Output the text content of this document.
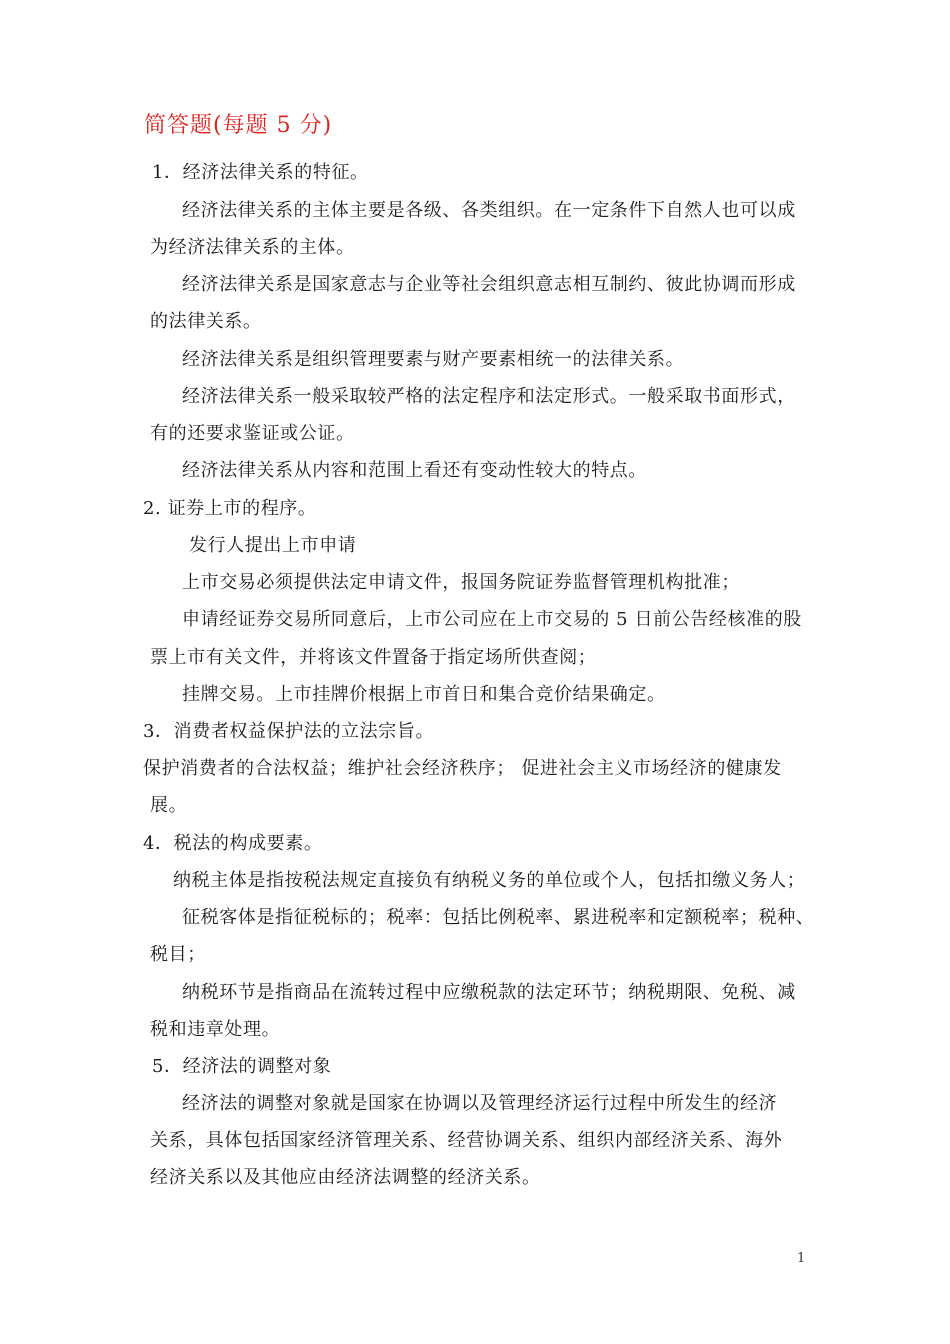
简答题(每题 5 分)
1．经济法律关系的特征。
经济法律关系的主体主要是各级、各类组织。在一定条件下自然人也可以成
为经济法律关系的主体。
经济法律关系是国家意志与企业等社会组织意志相互制约、彼此协调而形成
的法律关系。
经济法律关系是组织管理要素与财产要素相统一的法律关系。
经济法律关系一般采取较严格的法定程序和法定形式。一般采取书面形式，
有的还要求鉴证或公证。
经济法律关系从内容和范围上看还有变动性较大的特点。
2. 证券上市的程序。
发行人提出上市申请
上市交易必须提供法定申请文件，报国务院证券监督管理机构批准；
申请经证券交易所同意后，上市公司应在上市交易的 5 日前公告经核准的股
票上市有关文件，并将该文件置备于指定场所供查阅；
挂牌交易。上市挂牌价根据上市首日和集合竞价结果确定。
3．消费者权益保护法的立法宗旨。
保护消费者的合法权益；维护社会经济秩序； 促进社会主义市场经济的健康发
展。
4．税法的构成要素。
纳税主体是指按税法规定直接负有纳税义务的单位或个人，包括扣缴义务人；
征税客体是指征税标的；税率：包括比例税率、累进税率和定额税率；税种、
税目；
纳税环节是指商品在流转过程中应缴税款的法定环节；纳税期限、免税、减
税和违章处理。
5．经济法的调整对象
经济法的调整对象就是国家在协调以及管理经济运行过程中所发生的经济
关系，具体包括国家经济管理关系、经营协调关系、组织内部经济关系、海外
经济关系以及其他应由经济法调整的经济关系。
1
